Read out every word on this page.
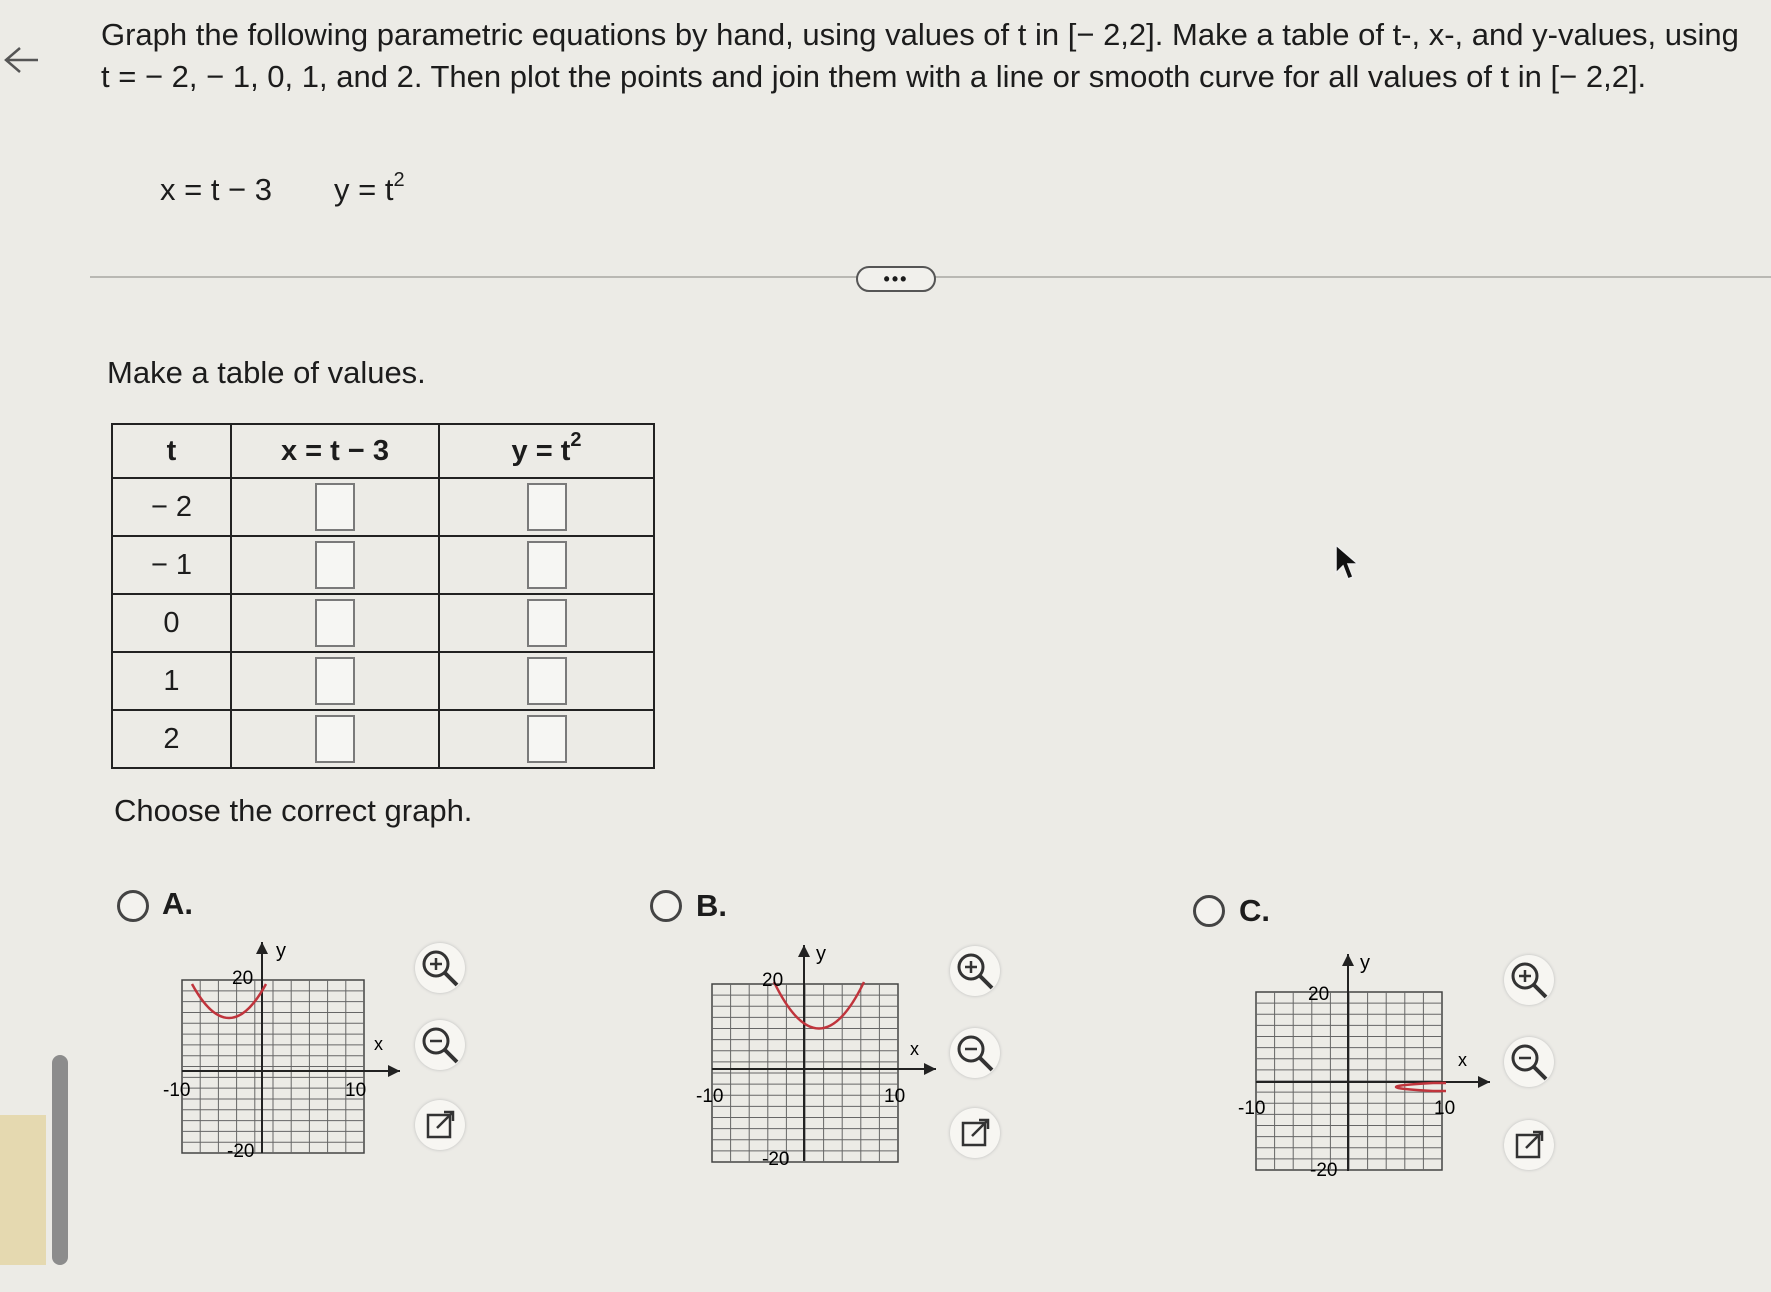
Graph the following parametric equations by hand, using values of t in [− 2,2]. Make a table of t-, x-, and y-values, using t = − 2, − 1, 0, 1, and 2. Then plot the points and join them with a line or smooth curve for all values of t in [− 2,2].
x = t − 3 $y = t^2$
•••
Make a table of values.
t	x = t − 3	$y = t^2$
− 2		
− 1		
0		
1		
2		
Choose the correct graph.
A.
y
x
-10	10
20
-20
B.
y
x
-10	10
20
-20
C.
y
x
-10	10
20
-20
